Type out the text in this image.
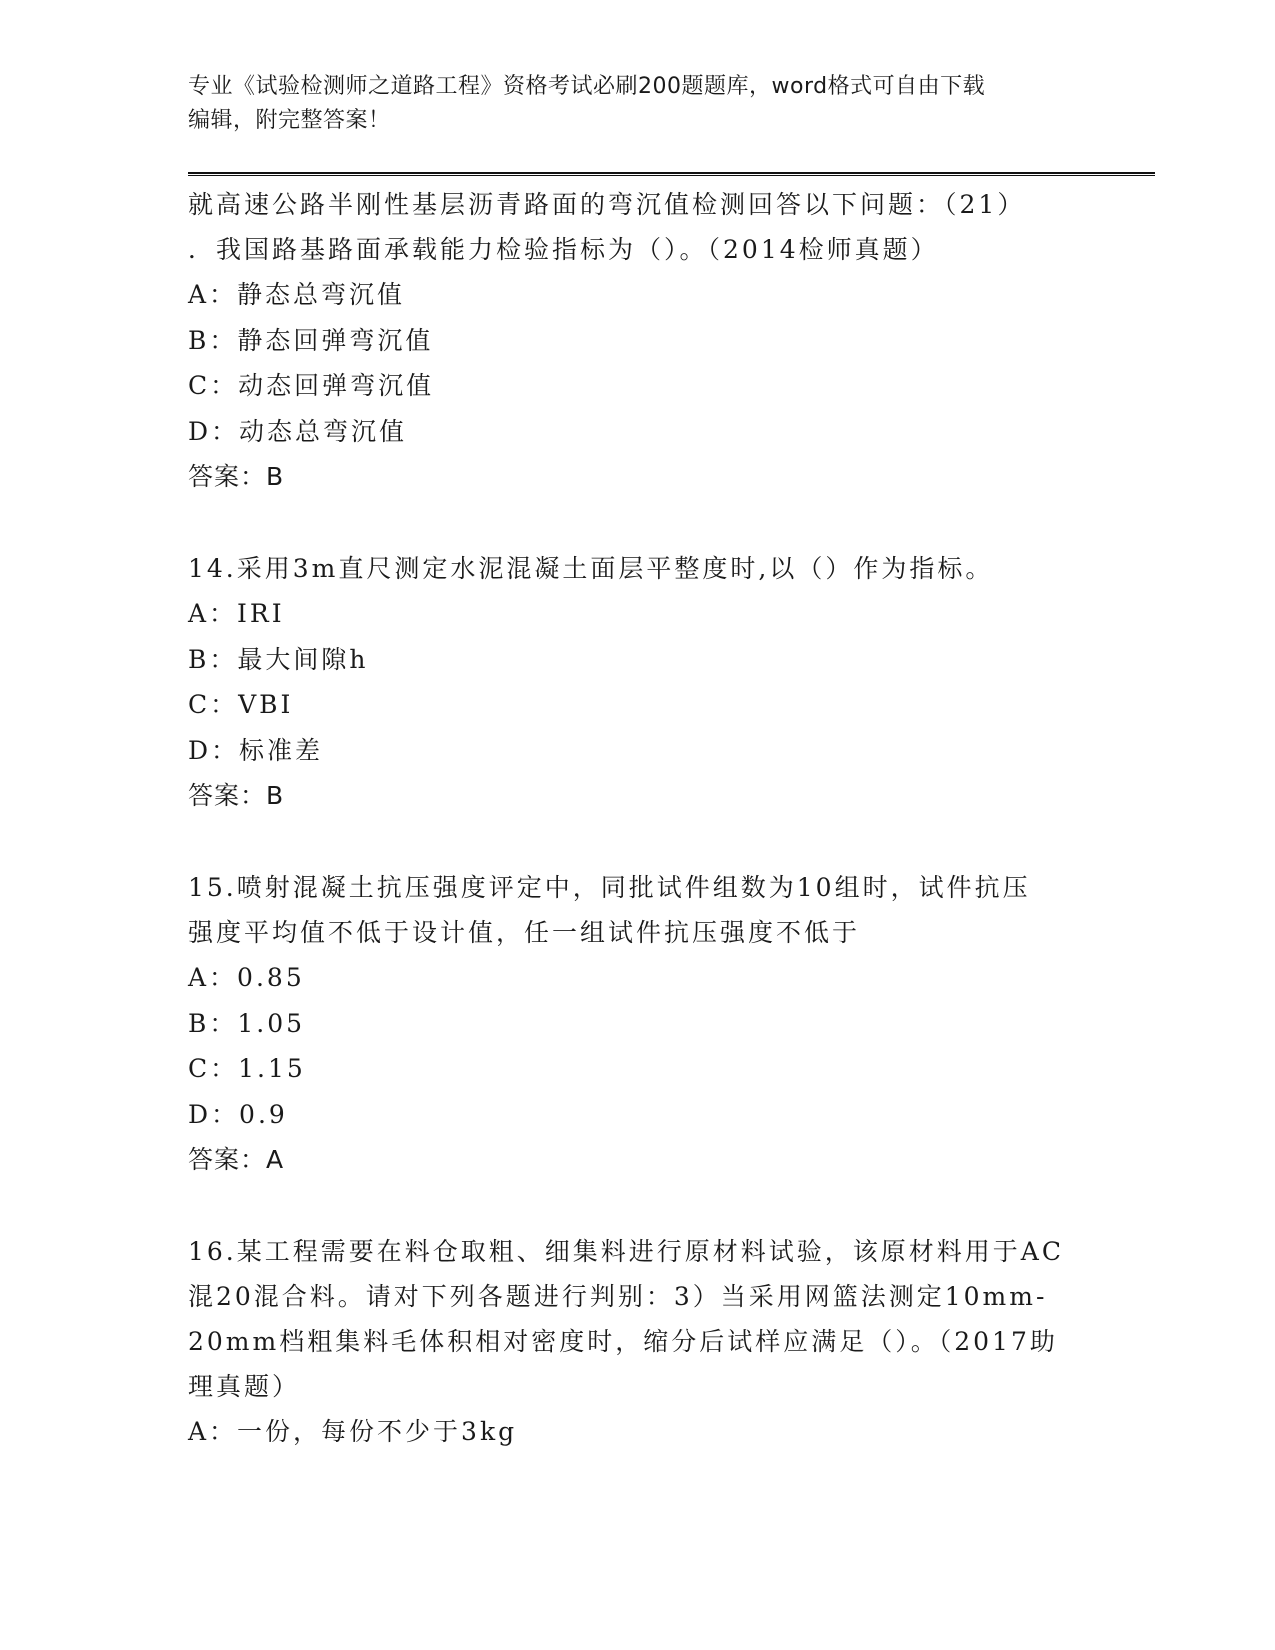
专业《试验检测师之道路工程》资格考试必刷200题题库，word格式可自由下载
编辑，附完整答案！
就高速公路半刚性基层沥青路面的弯沉值检测回答以下问题：（21）
．我国路基路面承载能力检验指标为（）。（2014检师真题）
A：静态总弯沉值
B：静态回弹弯沉值
C：动态回弹弯沉值
D：动态总弯沉值
答案：B
14.采用3m直尺测定水泥混凝土面层平整度时,以（）作为指标。
A：IRI
B：最大间隙h
C：VBI
D：标准差
答案：B
15.喷射混凝土抗压强度评定中，同批试件组数为10组时，试件抗压
强度平均值不低于设计值，任一组试件抗压强度不低于
A：0.85
B：1.05
C：1.15
D：0.9
答案：A
16.某工程需要在料仓取粗、细集料进行原材料试验，该原材料用于AC
混20混合料。请对下列各题进行判别：3）当采用网篮法测定10mm-
20mm档粗集料毛体积相对密度时，缩分后试样应满足（）。（2017助
理真题）
A：一份，每份不少于3kg
